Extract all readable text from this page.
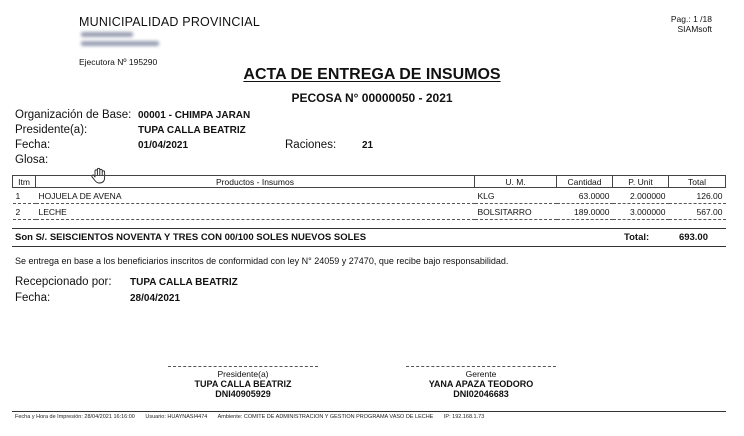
MUNICIPALIDAD PROVINCIAL
Ejecutora Nº 195290
Pag.: 1 /18
SIAMsoft
ACTA DE ENTREGA DE INSUMOS
PECOSA N° 00000050 - 2021
Organización de Base: 00001 - CHIMPA JARAN
Presidente(a):	TUPA CALLA BEATRIZ
Fecha:	01/04/2021	Raciones:	21
Glosa:
Itm	Productos - Insumos	U. M.	Cantidad	P. Unit	Total
1	HOJUELA DE AVENA	KLG	63.0000	2.000000	126.00
2	LECHE	BOLSITARRO	189.0000	3.000000	567.00
Son S/. SEISCIENTOS NOVENTA Y TRES CON 00/100 SOLES NUEVOS SOLES	Total:	693.00
Se entrega en base a los beneficiarios inscritos de conformidad con ley N° 24059 y 27470, que recibe bajo responsabilidad.
Recepcionado por: TUPA CALLA BEATRIZ
Fecha:	28/04/2021
Presidente(a)
TUPA CALLA BEATRIZ
DNI40905929
Gerente
YANA APAZA TEODORO
DNI02046683
Fecha y Hora de Impresión: 28/04/2021 16:16:00 Usuario: HUAYNASI4474 Ambiente: COMITE DE ADMINISTRACION Y GESTION PROGRAMA VASO DE LECHE IP: 192.168.1.73
